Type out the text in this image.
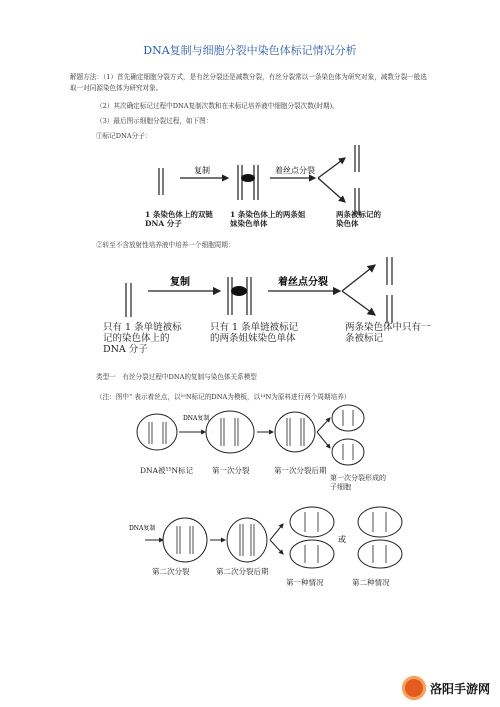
DNA复制与细胞分裂中染色体标记情况分析
解题方法：（1）首先确定细胞分裂方式，是有丝分裂还是减数分裂，有丝分裂常以一条染色体为研究对象，减数分裂一般选取一对同源染色体为研究对象。
（2）其次确定标记过程中DNA复制次数和在未标记培养液中细胞分裂次数(时期)。
（3）最后图示细胞分裂过程，如下图：
①标记DNA分子：
复制	着丝点分裂
1 条染色体上的双链 DNA 分子
1 条染色体上的两条姐妹染色单体
两条被标记的染色体
②转至不含放射性培养液中培养一个细胞周期：
复制	着丝点分裂
只有 1 条单链被标记的染色体上的 DNA 分子
只有 1 条单链被标记的两条姐妹染色单体
两条染色体中只有一条被标记
类型一　有丝分裂过程中DNA的复制与染色体关系模型
（注：图中“ 表示着丝点，以¹⁵N标记的DNA为模板，以¹⁴N为原料进行两个周期培养）
DNA复制
DNA被¹⁵N标记	第一次分裂	第一次分裂后期
第一次分裂形成的子细胞
DNA复制
或
第二次分裂	第二次分裂后期
第一种情况	第二种情况
洛阳手游网
